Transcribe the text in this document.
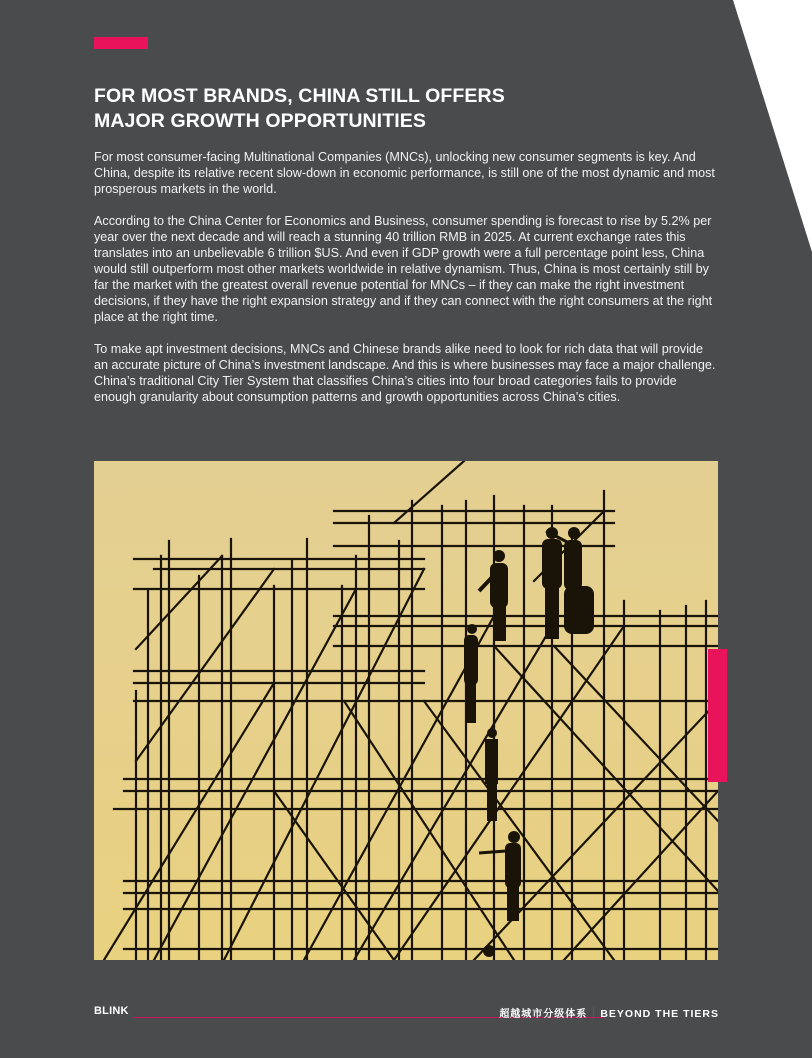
FOR MOST BRANDS, CHINA STILL OFFERS
MAJOR GROWTH OPPORTUNITIES

For most consumer-facing Multinational Companies (MNCs), unlocking new consumer segments is key. And China, despite its relative recent slow-down in economic performance, is still one of the most dynamic and most prosperous markets in the world.

According to the China Center for Economics and Business, consumer spending is forecast to rise by 5.2% per year over the next decade and will reach a stunning 40 trillion RMB in 2025. At current exchange rates this translates into an unbelievable 6 trillion $US. And even if GDP growth were a full percentage point less, China would still outperform most other markets worldwide in relative dynamism. Thus, China is most certainly still by far the market with the greatest overall revenue potential for MNCs – if they can make the right investment decisions, if they have the right expansion strategy and if they can connect with the right consumers at the right place at the right time.

To make apt investment decisions, MNCs and Chinese brands alike need to look for rich data that will provide an accurate picture of China’s investment landscape. And this is where businesses may face a major challenge. China’s traditional City Tier System that classifies China’s cities into four broad categories fails to provide enough granularity about consumption patterns and growth opportunities across China’s cities.

BLINK	超越城市分级体系 BEYOND THE TIERS
